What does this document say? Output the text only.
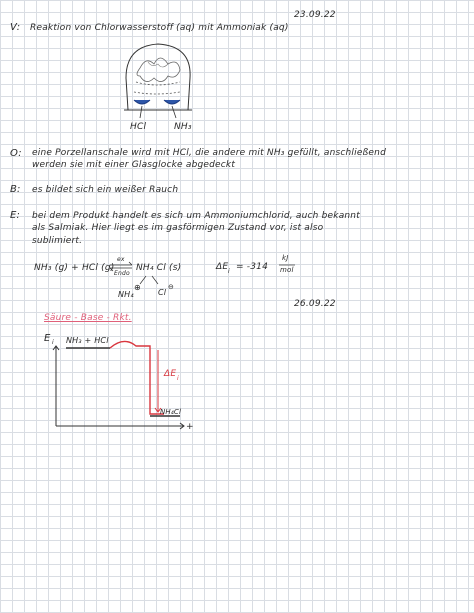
23.09.22
V: Reaktion von Chlorwasserstoff (aq) mit Ammoniak (aq)
HCl	NH₃
O: eine Porzellanschale wird mit HCl, die andere mit NH₃ gefüllt, anschließend
werden sie mit einer Glasglocke abgedeckt
B: es bildet sich ein weißer Rauch
E: bei dem Produkt handelt es sich um Ammoniumchlorid, auch bekannt
als Salmiak. Hier liegt es im gasförmigen Zustand vor, ist also
sublimiert.
NH₃ (g) + HCl (g)
ex
Endo
NH₄ Cl (s)
NH₄
⊕
Cl
⊖
ΔE i = -314
kJ
mol
26.09.22
Säure - Base - Rkt.
E i NH₃ + HCl
ΔE i
NH₄Cl
+
